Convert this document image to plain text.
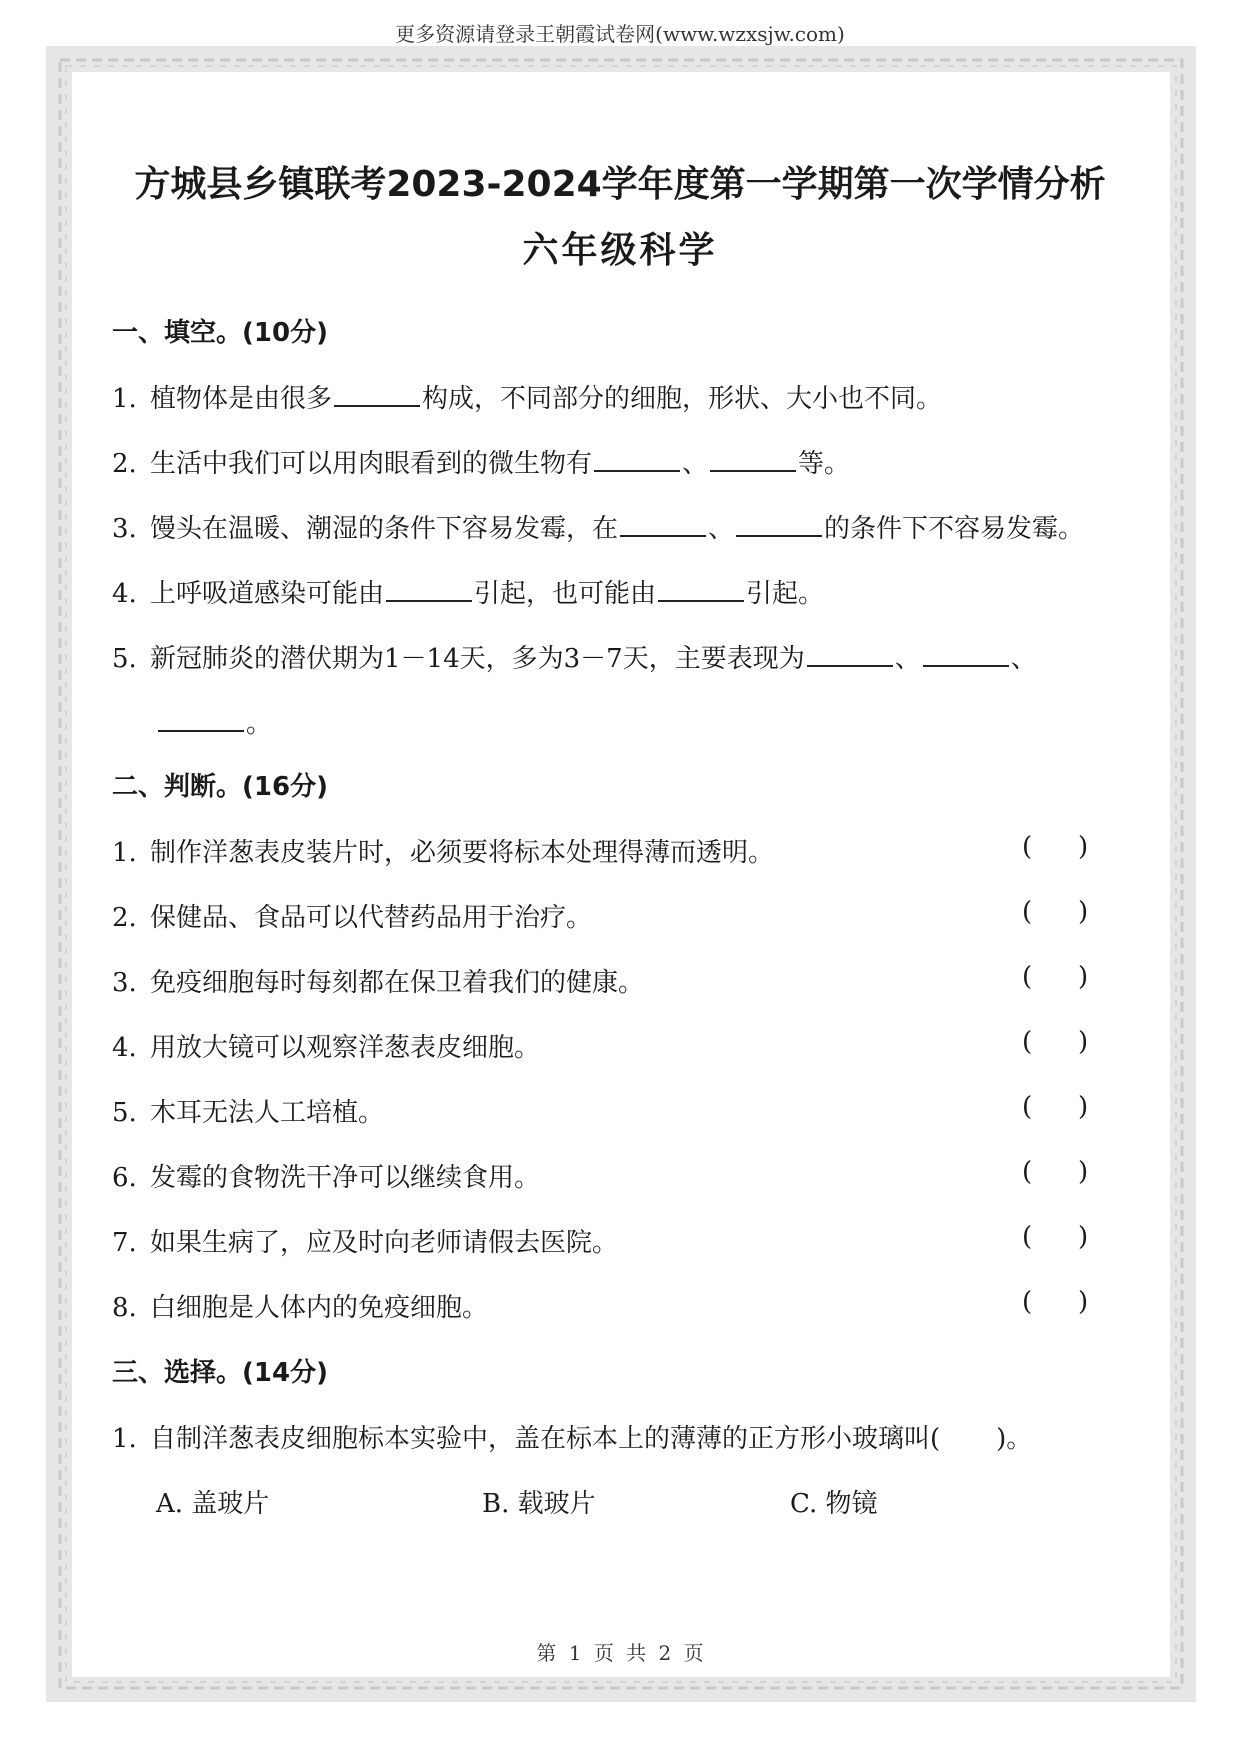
更多资源请登录王朝霞试卷网(www.wzxsjw.com)
方城县乡镇联考2023-2024学年度第一学期第一次学情分析
六年级科学
一、填空。(10分)
1. 植物体是由很多	构成，不同部分的细胞，形状、大小也不同。
2. 生活中我们可以用肉眼看到的微生物有	、	等。
3. 馒头在温暖、潮湿的条件下容易发霉，在	、	的条件下不容易发霉。
4. 上呼吸道感染可能由	引起，也可能由	引起。
5. 新冠肺炎的潜伏期为1－14天，多为3－7天，主要表现为	、	、
。
二、判断。(16分)
1. 制作洋葱表皮装片时，必须要将标本处理得薄而透明。	( )
2. 保健品、食品可以代替药品用于治疗。	( )
3. 免疫细胞每时每刻都在保卫着我们的健康。	( )
4. 用放大镜可以观察洋葱表皮细胞。	( )
5. 木耳无法人工培植。	( )
6. 发霉的食物洗干净可以继续食用。	( )
7. 如果生病了，应及时向老师请假去医院。	( )
8. 白细胞是人体内的免疫细胞。	( )
三、选择。(14分)
1. 自制洋葱表皮细胞标本实验中，盖在标本上的薄薄的正方形小玻璃叫( )。
A. 盖玻片	B. 载玻片	C. 物镜
第 1 页 共 2 页
